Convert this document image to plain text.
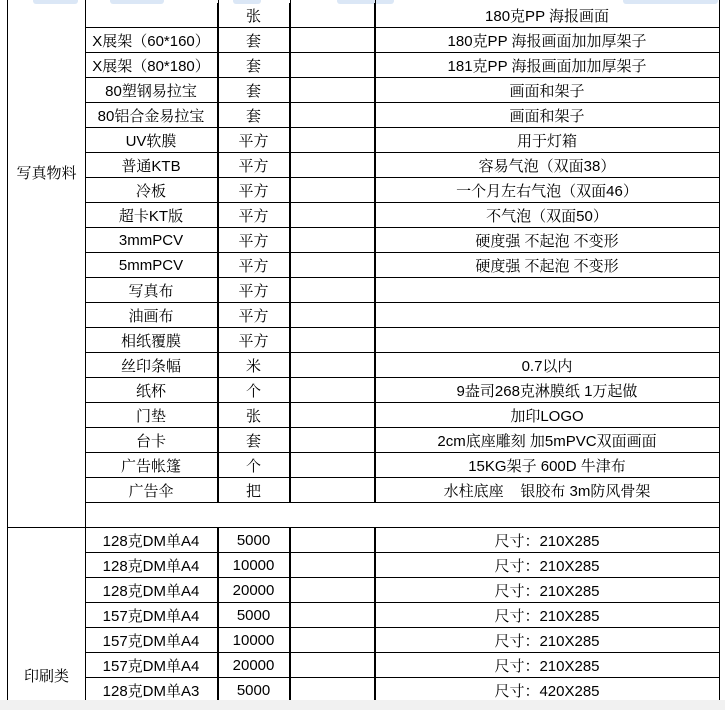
张	180克PP 海报画面
X展架（60*160）	套	180克PP 海报画面加加厚架子
X展架（80*180）	套	181克PP 海报画面加加厚架子
80塑钢易拉宝	套	画面和架子
80铝合金易拉宝	套	画面和架子
UV软膜	平方	用于灯箱
普通KTB	平方	容易气泡（双面38）
冷板	平方	一个月左右气泡（双面46）
超卡KT版	平方	不气泡（双面50）
3mmPCV	平方	硬度强 不起泡 不变形
5mmPCV	平方	硬度强 不起泡 不变形
写真布	平方
油画布	平方
相纸覆膜	平方
丝印条幅	米	0.7以内
纸杯	个	9盎司268克淋膜纸 1万起做
门垫	张	加印LOGO
台卡	套	2cm底座雕刻 加5mPVC双面画面
广告帐篷	个	15KG架子 600D 牛津布
广告伞	把	水柱底座    银胶布 3m防风骨架
128克DM单A4	5000	尺寸：210X285
128克DM单A4	10000	尺寸：210X285
128克DM单A4	20000	尺寸：210X285
157克DM单A4	5000	尺寸：210X285
157克DM单A4	10000	尺寸：210X285
157克DM单A4	20000	尺寸：210X285
128克DM单A3	5000	尺寸：420X285
写真物料
印刷类
